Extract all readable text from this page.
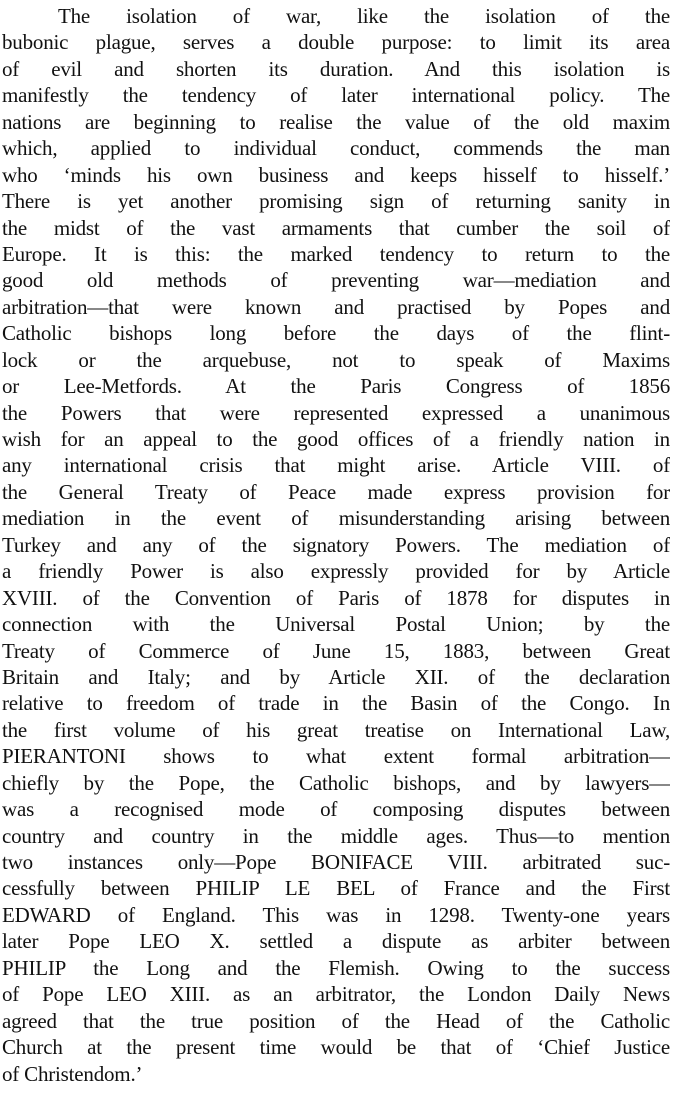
The isolation of war, like the isolation of the
bubonic plague, serves a double purpose: to limit its area
of evil and shorten its duration. And this isolation is
manifestly the tendency of later international policy. The
nations are beginning to realise the value of the old maxim
which, applied to individual conduct, commends the man
who ‘minds his own business and keeps hisself to hisself.’
There is yet another promising sign of returning sanity in
the midst of the vast armaments that cumber the soil of
Europe. It is this: the marked tendency to return to the
good old methods of preventing war—mediation and
arbitration—that were known and practised by Popes and
Catholic bishops long before the days of the flint-
lock or the arquebuse, not to speak of Maxims
or Lee-Metfords. At the Paris Congress of 1856
the Powers that were represented expressed a unanimous
wish for an appeal to the good offices of a friendly nation in
any international crisis that might arise. Article VIII. of
the General Treaty of Peace made express provision for
mediation in the event of misunderstanding arising between
Turkey and any of the signatory Powers. The mediation of
a friendly Power is also expressly provided for by Article
XVIII. of the Convention of Paris of 1878 for disputes in
connection with the Universal Postal Union; by the
Treaty of Commerce of June 15, 1883, between Great
Britain and Italy; and by Article XII. of the declaration
relative to freedom of trade in the Basin of the Congo. In
the first volume of his great treatise on International Law,
PIERANTONI shows to what extent formal arbitration—
chiefly by the Pope, the Catholic bishops, and by lawyers—
was a recognised mode of composing disputes between
country and country in the middle ages. Thus—to mention
two instances only—Pope BONIFACE VIII. arbitrated suc-
cessfully between PHILIP LE BEL of France and the First
EDWARD of England. This was in 1298. Twenty-one years
later Pope LEO X. settled a dispute as arbiter between
PHILIP the Long and the Flemish. Owing to the success
of Pope LEO XIII. as an arbitrator, the London Daily News
agreed that the true position of the Head of the Catholic
Church at the present time would be that of ‘Chief Justice
of Christendom.’
